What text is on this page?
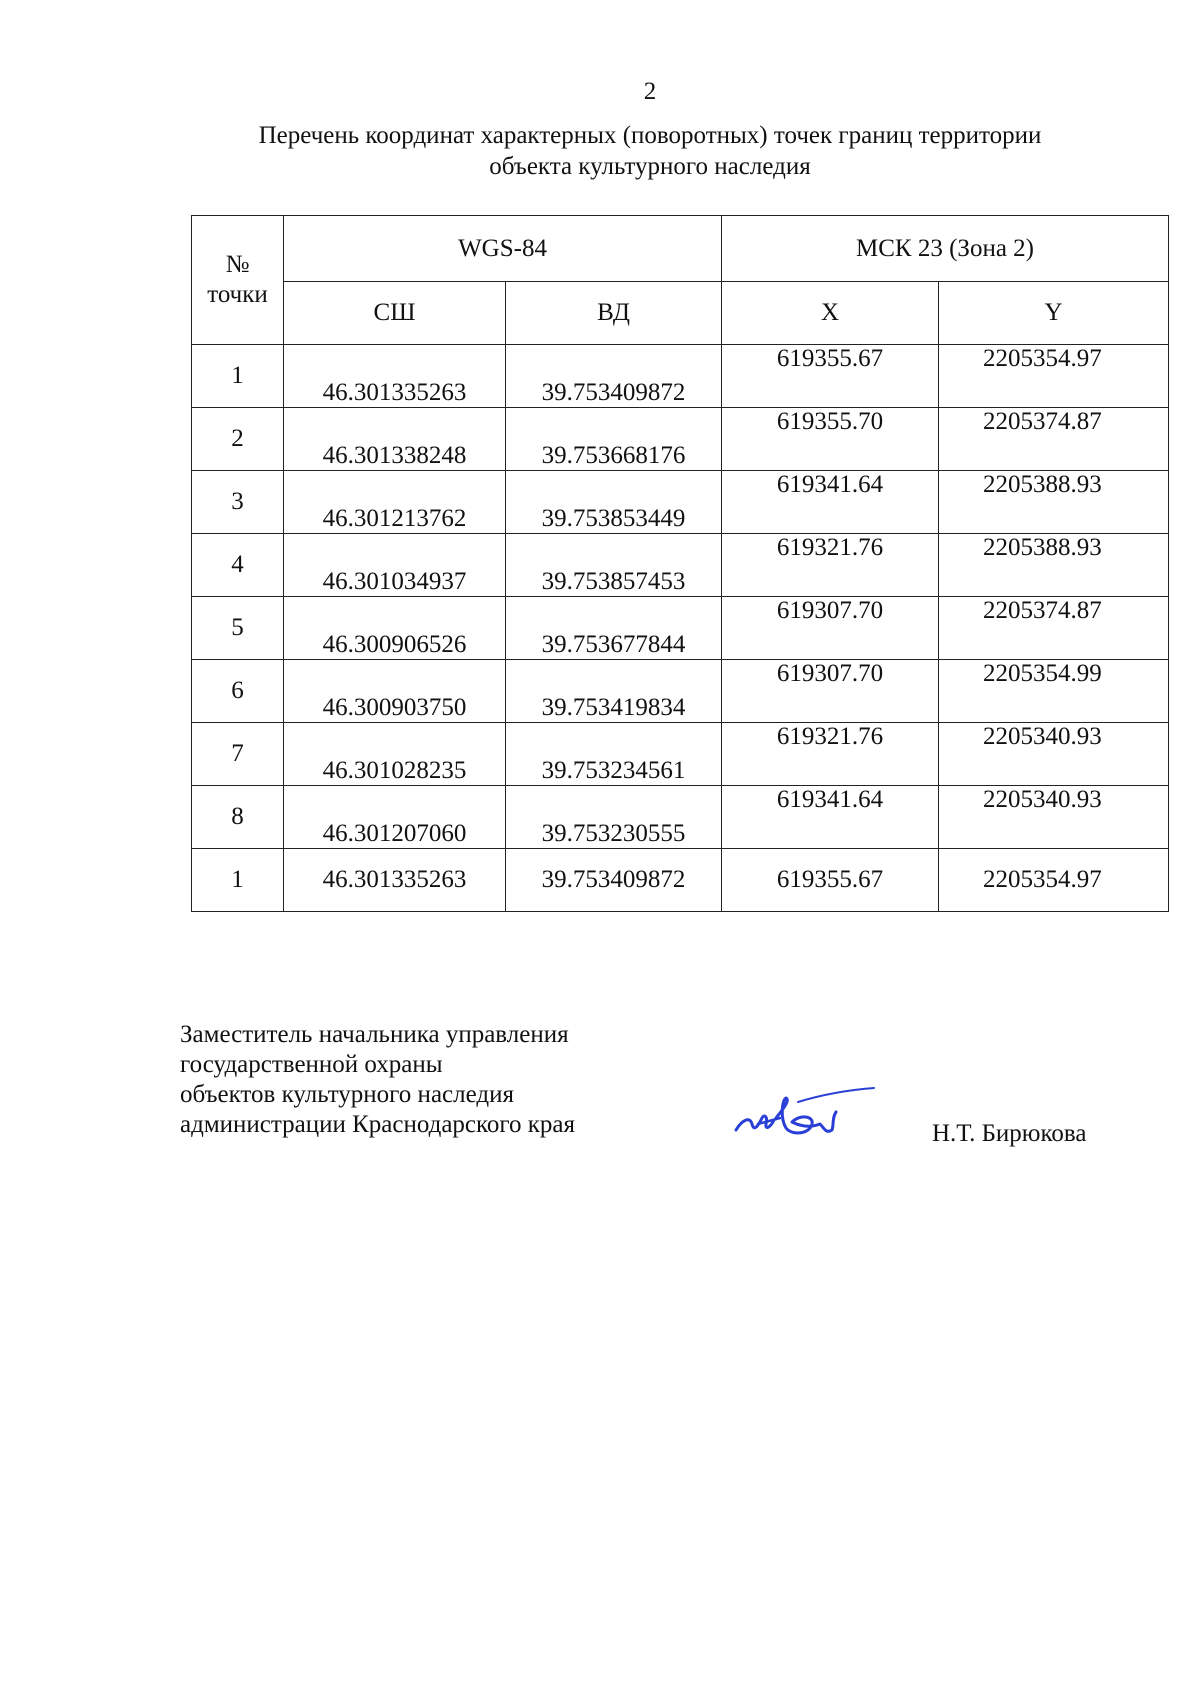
2
Перечень координат характерных (поворотных) точек границ территории
объекта культурного наследия
№
точки	WGS-84		МСК 23 (Зона 2)	
	СШ	ВД	X	Y
1	46.301335263	39.753409872	619355.67	2205354.97
2	46.301338248	39.753668176	619355.70	2205374.87
3	46.301213762	39.753853449	619341.64	2205388.93
4	46.301034937	39.753857453	619321.76	2205388.93
5	46.300906526	39.753677844	619307.70	2205374.87
6	46.300903750	39.753419834	619307.70	2205354.99
7	46.301028235	39.753234561	619321.76	2205340.93
8	46.301207060	39.753230555	619341.64	2205340.93
1	46.301335263	39.753409872	619355.67	2205354.97
Заместитель начальника управления
государственной охраны
объектов культурного наследия
администрации Краснодарского края	Н.Т. Бирюкова
